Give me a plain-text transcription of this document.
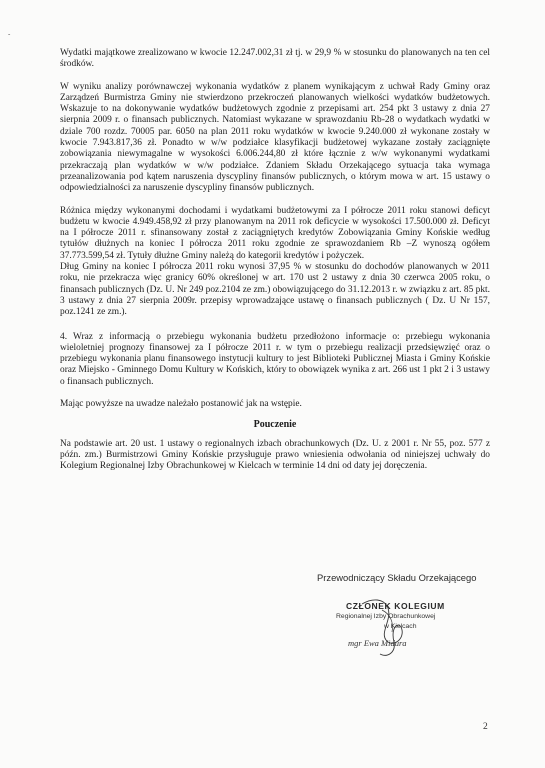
-

Wydatki majątkowe zrealizowano w kwocie 12.247.002,31 zł tj. w 29,9 % w stosunku do planowanych na ten cel środków.

W wyniku analizy porównawczej wykonania wydatków z planem wynikającym z uchwał Rady Gminy oraz Zarządzeń Burmistrza Gminy nie stwierdzono przekroczeń planowanych wielkości wydatków budżetowych. Wskazuje to na dokonywanie wydatków budżetowych zgodnie z przepisami art. 254 pkt 3 ustawy z dnia 27 sierpnia 2009 r. o finansach publicznych. Natomiast wykazane w sprawozdaniu Rb-28 o wydatkach wydatki w dziale 700 rozdz. 70005 par. 6050 na plan 2011 roku wydatków w kwocie 9.240.000 zł wykonane zostały w kwocie 7.943.817,36 zł. Ponadto w w/w podziałce klasyfikacji budżetowej wykazane zostały zaciągnięte zobowiązania niewymagalne w wysokości 6.006.244,80 zł które łącznie z w/w wykonanymi wydatkami przekraczają plan wydatków w w/w podziałce. Zdaniem Składu Orzekającego sytuacja taka wymaga przeanalizowania pod kątem naruszenia dyscypliny finansów publicznych, o którym mowa w art. 15 ustawy o odpowiedzialności za naruszenie dyscypliny finansów publicznych.

Różnica między wykonanymi dochodami i wydatkami budżetowymi za I półrocze 2011 roku stanowi deficyt budżetu w kwocie 4.949.458,92 zł przy planowanym na 2011 rok deficycie w wysokości 17.500.000 zł. Deficyt na I półrocze 2011 r. sfinansowany został z zaciągniętych kredytów Zobowiązania Gminy Końskie według tytułów dłużnych na koniec I półrocza 2011 roku zgodnie ze sprawozdaniem Rb –Z wynoszą ogółem 37.773.599,54 zł. Tytuły dłużne Gminy należą do kategorii kredytów i pożyczek.

Dług Gminy na koniec I półrocza 2011 roku wynosi 37,95 % w stosunku do dochodów planowanych w 2011 roku, nie przekracza więc granicy 60% określonej w art. 170 ust 2 ustawy z dnia 30 czerwca 2005 roku, o finansach publicznych (Dz. U. Nr 249 poz.2104 ze zm.) obowiązującego do 31.12.2013 r. w związku z art. 85 pkt. 3 ustawy z dnia 27 sierpnia 2009r. przepisy wprowadzające ustawę o finansach publicznych ( Dz. U Nr 157, poz.1241 ze zm.).

4. Wraz z informacją o przebiegu wykonania budżetu przedłożono informacje o: przebiegu wykonania wieloletniej prognozy finansowej za I półrocze 2011 r. w tym o przebiegu realizacji przedsięwzięć oraz o przebiegu wykonania planu finansowego instytucji kultury to jest Biblioteki Publicznej Miasta i Gminy Końskie oraz Miejsko - Gminnego Domu Kultury w Końskich, który to obowiązek wynika z art. 266 ust 1 pkt 2 i 3 ustawy o finansach publicznych.

Mając powyższe na uwadze należało postanowić jak na wstępie.

Pouczenie

Na podstawie art. 20 ust. 1 ustawy o regionalnych izbach obrachunkowych (Dz. U. z 2001 r. Nr 55, poz. 577 z późn. zm.) Burmistrzowi Gminy Końskie przysługuje prawo wniesienia odwołania od niniejszej uchwały do Kolegium Regionalnej Izby Obrachunkowej w Kielcach w terminie 14 dni od daty jej doręczenia.

Przewodniczący Składu Orzekającego
CZŁONEK KOLEGIUM
Regionalnej Izby Obrachunkowej
w Kielcach
mgr Ewa Midura
2
